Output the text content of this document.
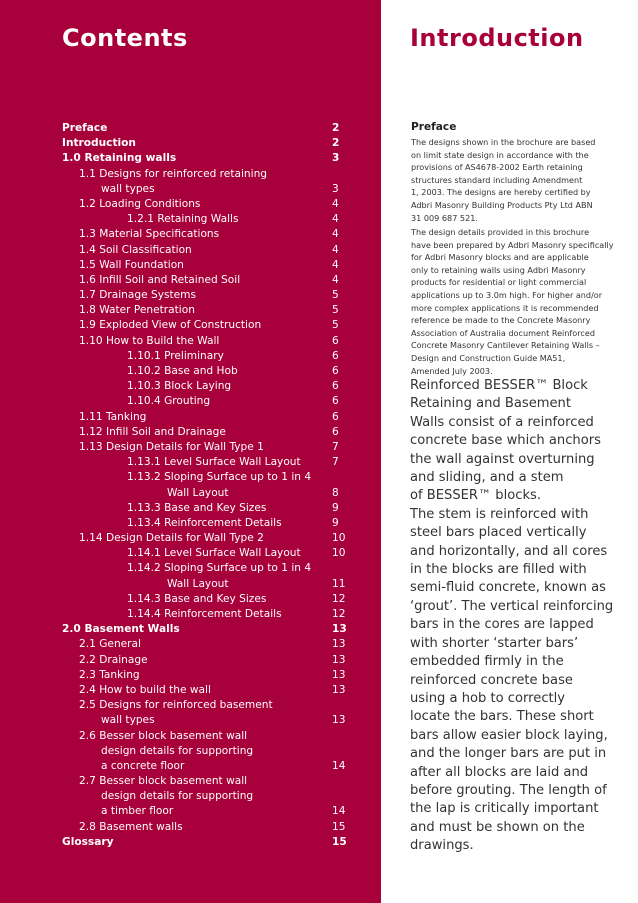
Contents
Preface	2
Introduction	2
1.0 Retaining walls	3
1.1 Designs for reinforced retaining
wall types	3
1.2 Loading Conditions	4
1.2.1 Retaining Walls	4
1.3 Material Specifications	4
1.4 Soil Classification	4
1.5 Wall Foundation	4
1.6 Infill Soil and Retained Soil	4
1.7 Drainage Systems	5
1.8 Water Penetration	5
1.9 Exploded View of Construction	5
1.10 How to Build the Wall	6
1.10.1 Preliminary	6
1.10.2 Base and Hob	6
1.10.3 Block Laying	6
1.10.4 Grouting	6
1.11 Tanking	6
1.12 Infill Soil and Drainage	6
1.13 Design Details for Wall Type 1	7
1.13.1 Level Surface Wall Layout	7
1.13.2 Sloping Surface up to 1 in 4
Wall Layout	8
1.13.3 Base and Key Sizes	9
1.13.4 Reinforcement Details	9
1.14 Design Details for Wall Type 2	10
1.14.1 Level Surface Wall Layout	10
1.14.2 Sloping Surface up to 1 in 4
Wall Layout	11
1.14.3 Base and Key Sizes	12
1.14.4 Reinforcement Details	12
2.0 Basement Walls	13
2.1 General	13
2.2 Drainage	13
2.3 Tanking	13
2.4 How to build the wall	13
2.5 Designs for reinforced basement
wall types	13
2.6 Besser block basement wall
design details for supporting
a concrete floor	14
2.7 Besser block basement wall
design details for supporting
a timber floor	14
2.8 Basement walls	15
Glossary	15
Introduction
Preface
The designs shown in the brochure are based
on limit state design in accordance with the
provisions of AS4678-2002 Earth retaining
structures standard including Amendment
1, 2003. The designs are hereby certified by
Adbri Masonry Building Products Pty Ltd ABN
31 009 687 521.
The design details provided in this brochure
have been prepared by Adbri Masonry specifically
for Adbri Masonry blocks and are applicable
only to retaining walls using Adbri Masonry
products for residential or light commercial
applications up to 3.0m high. For higher and/or
more complex applications it is recommended
reference be made to the Concrete Masonry
Association of Australia document Reinforced
Concrete Masonry Cantilever Retaining Walls –
Design and Construction Guide MA51,
Amended July 2003.
Reinforced BESSER™ Block
Retaining and Basement
Walls consist of a reinforced
concrete base which anchors
the wall against overturning
and sliding, and a stem
of BESSER™ blocks.
The stem is reinforced with
steel bars placed vertically
and horizontally, and all cores
in the blocks are filled with
semi-fluid concrete, known as
‘grout’. The vertical reinforcing
bars in the cores are lapped
with shorter ‘starter bars’
embedded firmly in the
reinforced concrete base
using a hob to correctly
locate the bars. These short
bars allow easier block laying,
and the longer bars are put in
after all blocks are laid and
before grouting. The length of
the lap is critically important
and must be shown on the
drawings.
